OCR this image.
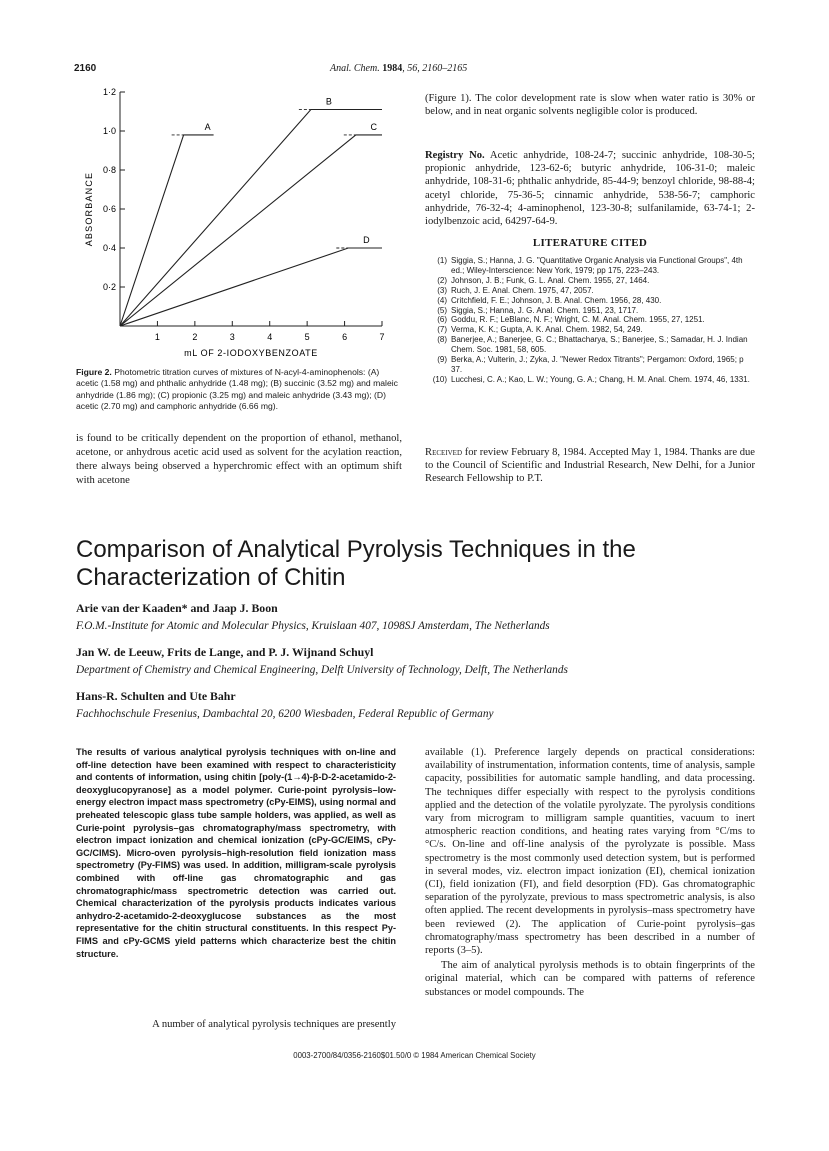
2160	Anal. Chem. 1984, 56, 2160–2165
1	2	3	4	5	6	7
0·2
0·4
0·6
0·8
1·0
1·2
mL OF 2-IODOXYBENZOATE
ABSORBANCE
A
B
C
D
Figure 2. Photometric titration curves of mixtures of N-acyl-4-aminophenols: (A) acetic (1.58 mg) and phthalic anhydride (1.48 mg); (B) succinic (3.52 mg) and maleic anhydride (1.86 mg); (C) propionic (3.25 mg) and maleic anhydride (3.43 mg); (D) acetic (2.70 mg) and camphoric anhydride (6.66 mg).
is found to be critically dependent on the proportion of ethanol, methanol, acetone, or anhydrous acetic acid used as solvent for the acylation reaction, there always being observed a hyperchromic effect with an optimum shift with acetone
(Figure 1). The color development rate is slow when water ratio is 30% or below, and in neat organic solvents negligible color is produced.
Registry No. Acetic anhydride, 108-24-7; succinic anhydride, 108-30-5; propionic anhydride, 123-62-6; butyric anhydride, 106-31-0; maleic anhydride, 108-31-6; phthalic anhydride, 85-44-9; benzoyl chloride, 98-88-4; acetyl chloride, 75-36-5; cinnamic anhydride, 538-56-7; camphoric anhydride, 76-32-4; 4-aminophenol, 123-30-8; sulfanilamide, 63-74-1; 2-iodylbenzoic acid, 64297-64-9.
LITERATURE CITED
(1) Siggia, S.; Hanna, J. G. "Quantitative Organic Analysis via Functional Groups", 4th ed.; Wiley-Interscience: New York, 1979; pp 175, 223–243.
(2) Johnson, J. B.; Funk, G. L. Anal. Chem. 1955, 27, 1464.
(3) Ruch, J. E. Anal. Chem. 1975, 47, 2057.
(4) Critchfield, F. E.; Johnson, J. B. Anal. Chem. 1956, 28, 430.
(5) Siggia, S.; Hanna, J. G. Anal. Chem. 1951, 23, 1717.
(6) Goddu, R. F.; LeBlanc, N. F.; Wright, C. M. Anal. Chem. 1955, 27, 1251.
(7) Verma, K. K.; Gupta, A. K. Anal. Chem. 1982, 54, 249.
(8) Banerjee, A.; Banerjee, G. C.; Bhattacharya, S.; Banerjee, S.; Samadar, H. J. Indian Chem. Soc. 1981, 58, 605.
(9) Berka, A.; Vulterin, J.; Zyka, J. "Newer Redox Titrants"; Pergamon: Oxford, 1965; p 37.
(10) Lucchesi, C. A.; Kao, L. W.; Young, G. A.; Chang, H. M. Anal. Chem. 1974, 46, 1331.
Received for review February 8, 1984. Accepted May 1, 1984. Thanks are due to the Council of Scientific and Industrial Research, New Delhi, for a Junior Research Fellowship to P.T.
Comparison of Analytical Pyrolysis Techniques in the Characterization of Chitin
Arie van der Kaaden* and Jaap J. Boon
F.O.M.-Institute for Atomic and Molecular Physics, Kruislaan 407, 1098SJ Amsterdam, The Netherlands
Jan W. de Leeuw, Frits de Lange, and P. J. Wijnand Schuyl
Department of Chemistry and Chemical Engineering, Delft University of Technology, Delft, The Netherlands
Hans-R. Schulten and Ute Bahr
Fachhochschule Fresenius, Dambachtal 20, 6200 Wiesbaden, Federal Republic of Germany
The results of various analytical pyrolysis techniques with on-line and off-line detection have been examined with respect to characteristicity and contents of information, using chitin [poly-(1→4)-β-D-2-acetamido-2-deoxyglucopyranose] as a model polymer. Curie-point pyrolysis–low-energy electron impact mass spectrometry (cPy-EIMS), using normal and preheated telescopic glass tube sample holders, was applied, as well as Curie-point pyrolysis–gas chromatography/mass spectrometry, with electron impact ionization and chemical ionization (cPy-GC/EIMS, cPy-GC/CIMS). Micro-oven pyrolysis–high-resolution field ionization mass spectrometry (Py-FIMS) was used. In addition, milligram-scale pyrolysis combined with off-line gas chromatographic and gas chromatographic/mass spectrometric detection was carried out. Chemical characterization of the pyrolysis products indicates various anhydro-2-acetamido-2-deoxyglucose substances as the most representative for the chitin structural constituents. In this respect Py-FIMS and cPy-GCMS yield patterns which characterize best the chitin structure.
A number of analytical pyrolysis techniques are presently
available (1). Preference largely depends on practical considerations: availability of instrumentation, information contents, time of analysis, sample capacity, possibilities for automatic sample handling, and data processing. The techniques differ especially with respect to the pyrolysis conditions applied and the detection of the volatile pyrolyzate. The pyrolysis conditions vary from microgram to milligram sample quantities, vacuum to inert atmospheric reaction conditions, and heating rates varying from °C/ms to °C/s. On-line and off-line analysis of the pyrolyzate is possible. Mass spectrometry is the most commonly used detection system, but is performed in several modes, viz. electron impact ionization (EI), chemical ionization (CI), field ionization (FI), and field desorption (FD). Gas chromatographic separation of the pyrolyzate, previous to mass spectrometric analysis, is also often applied. The recent developments in pyrolysis–mass spectrometry have been reviewed (2). The application of Curie-point pyrolysis–gas chromatography/mass spectrometry has been described in a number of reports (3–5).
The aim of analytical pyrolysis methods is to obtain fingerprints of the original material, which can be compared with patterns of reference substances or model compounds. The
0003-2700/84/0356-2160$01.50/0 © 1984 American Chemical Society
